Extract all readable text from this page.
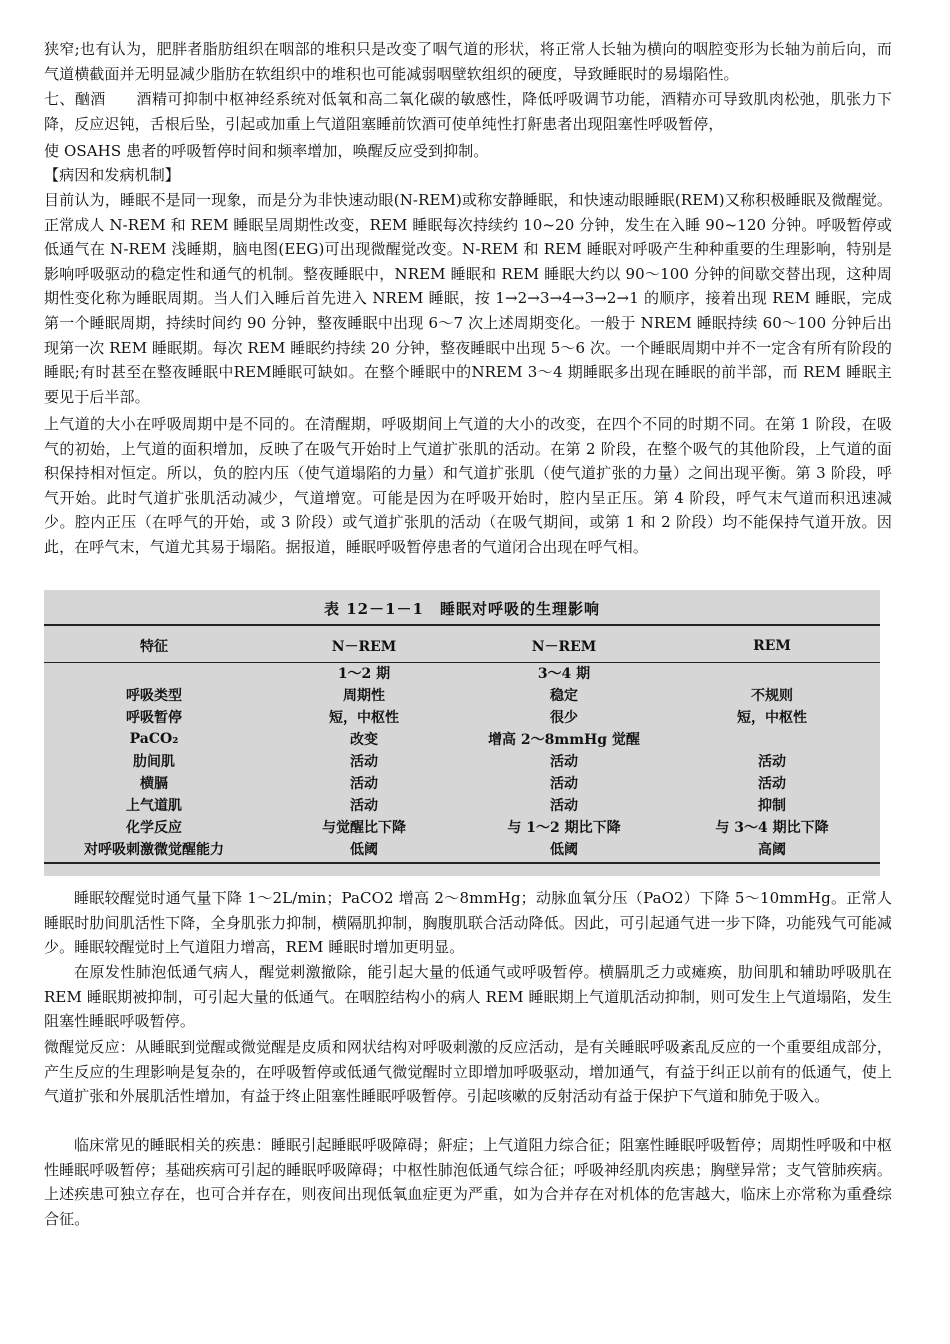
狭窄;也有认为，肥胖者脂肪组织在咽部的堆积只是改变了咽气道的形状，将正常人长轴为横向的咽腔变形为长轴为前后向，而气道横截面并无明显减少脂肪在软组织中的堆积也可能减弱咽壁软组织的硬度，导致睡眠时的易塌陷性。

七、酗酒　　酒精可抑制中枢神经系统对低氧和高二氧化碳的敏感性，降低呼吸调节功能，酒精亦可导致肌肉松弛，肌张力下降，反应迟钝，舌根后坠，引起或加重上气道阻塞睡前饮酒可使单纯性打鼾患者出现阻塞性呼吸暂停，

使 OSAHS 患者的呼吸暂停时间和频率增加，唤醒反应受到抑制。

【病因和发病机制】

目前认为，睡眠不是同一现象，而是分为非快速动眼(N-REM)或称安静睡眠，和快速动眼睡眠(REM)又称积极睡眠及微醒觉。正常成人 N-REM 和 REM 睡眠呈周期性改变，REM 睡眠每次持续约 10~20 分钟，发生在入睡 90~120 分钟。呼吸暂停或低通气在 N-REM 浅睡期，脑电图(EEG)可出现微醒觉改变。N-REM 和 REM 睡眠对呼吸产生种种重要的生理影响，特别是影响呼吸驱动的稳定性和通气的机制。整夜睡眠中，NREM 睡眠和 REM 睡眠大约以 90～100 分钟的间歇交替出现，这种周期性变化称为睡眠周期。当人们入睡后首先进入 NREM 睡眠，按 1→2→3→4→3→2→1 的顺序，接着出现 REM 睡眠，完成第一个睡眠周期，持续时间约 90 分钟，整夜睡眠中出现 6～7 次上述周期变化。一般于 NREM 睡眠持续 60～100 分钟后出现第一次 REM 睡眠期。每次 REM 睡眠约持续 20 分钟，整夜睡眠中出现 5～6 次。一个睡眠周期中并不一定含有所有阶段的睡眠;有时甚至在整夜睡眠中REM睡眠可缺如。在整个睡眠中的NREM 3～4 期睡眠多出现在睡眠的前半部，而 REM 睡眠主要见于后半部。

上气道的大小在呼吸周期中是不同的。在清醒期，呼吸期间上气道的大小的改变，在四个不同的时期不同。在第 1 阶段，在吸气的初始，上气道的面积增加，反映了在吸气开始时上气道扩张肌的活动。在第 2 阶段，在整个吸气的其他阶段，上气道的面积保持相对恒定。所以，负的腔内压（使气道塌陷的力量）和气道扩张肌（使气道扩张的力量）之间出现平衡。第 3 阶段，呼气开始。此时气道扩张肌活动减少，气道增宽。可能是因为在呼吸开始时，腔内呈正压。第 4 阶段，呼气末气道而积迅速减少。腔内正压（在呼气的开始，或 3 阶段）或气道扩张肌的活动（在吸气期间，或第 1 和 2 阶段）均不能保持气道开放。因此，在呼气末，气道尤其易于塌陷。据报道，睡眠呼吸暂停患者的气道闭合出现在呼气相。

表 12－1－1　睡眠对呼吸的生理影响
特征	N－REM	N－REM	REM
	1～2 期	3～4 期	
呼吸类型	周期性	稳定	不规则
呼吸暂停	短，中枢性	很少	短，中枢性
PaCO₂	改变	增高 2～8mmHg 觉醒	
肋间肌	活动	活动	活动
横膈	活动	活动	活动
上气道肌	活动	活动	抑制
化学反应	与觉醒比下降	与 1～2 期比下降	与 3～4 期比下降
对呼吸刺激微觉醒能力	低阈	低阈	高阈

睡眠较醒觉时通气量下降 1～2L/min；PaCO2 增高 2～8mmHg；动脉血氧分压（PaO2）下降 5～10mmHg。正常人睡眠时肋间肌活性下降，全身肌张力抑制，横隔肌抑制，胸腹肌联合活动降低。因此，可引起通气进一步下降，功能残气可能减少。睡眠较醒觉时上气道阻力增高，REM 睡眠时增加更明显。

在原发性肺泡低通气病人，醒觉刺激撤除，能引起大量的低通气或呼吸暂停。横膈肌乏力或瘫痪，肋间肌和辅助呼吸肌在 REM 睡眠期被抑制，可引起大量的低通气。在咽腔结构小的病人 REM 睡眠期上气道肌活动抑制，则可发生上气道塌陷，发生阻塞性睡眠呼吸暂停。

微醒觉反应：从睡眠到觉醒或微觉醒是皮质和网状结构对呼吸刺激的反应活动，是有关睡眠呼吸紊乱反应的一个重要组成部分，产生反应的生理影响是复杂的，在呼吸暂停或低通气微觉醒时立即增加呼吸驱动，增加通气，有益于纠正以前有的低通气，使上气道扩张和外展肌活性增加，有益于终止阻塞性睡眠呼吸暂停。引起咳嗽的反射活动有益于保护下气道和肺免于吸入。

临床常见的睡眠相关的疾患：睡眠引起睡眠呼吸障碍；鼾症；上气道阻力综合征；阻塞性睡眠呼吸暂停；周期性呼吸和中枢性睡眠呼吸暂停；基础疾病可引起的睡眠呼吸障碍；中枢性肺泡低通气综合征；呼吸神经肌肉疾患；胸壁异常；支气管肺疾病。上述疾患可独立存在，也可合并存在，则夜间出现低氧血症更为严重，如为合并存在对机体的危害越大，临床上亦常称为重叠综合征。
